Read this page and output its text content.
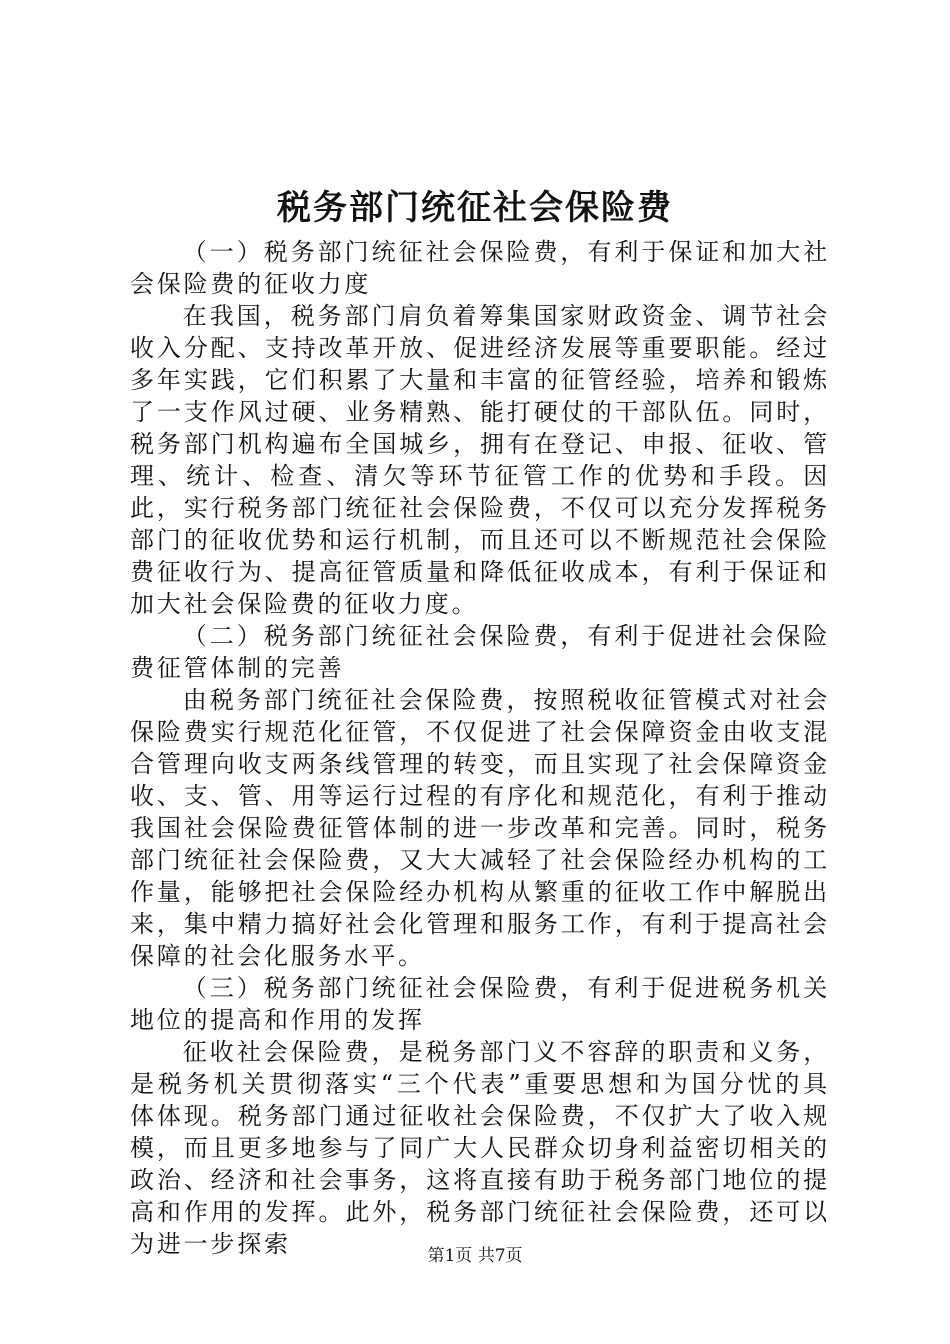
税务部门统征社会保险费

（一）税务部门统征社会保险费，有利于保证和加大社会保险费的征收力度

在我国，税务部门肩负着筹集国家财政资金、调节社会收入分配、支持改革开放、促进经济发展等重要职能。经过多年实践，它们积累了大量和丰富的征管经验，培养和锻炼了一支作风过硬、业务精熟、能打硬仗的干部队伍。同时，税务部门机构遍布全国城乡，拥有在登记、申报、征收、管理、统计、检查、清欠等环节征管工作的优势和手段。因此，实行税务部门统征社会保险费，不仅可以充分发挥税务部门的征收优势和运行机制，而且还可以不断规范社会保险费征收行为、提高征管质量和降低征收成本，有利于保证和加大社会保险费的征收力度。

（二）税务部门统征社会保险费，有利于促进社会保险费征管体制的完善

由税务部门统征社会保险费，按照税收征管模式对社会保险费实行规范化征管，不仅促进了社会保障资金由收支混合管理向收支两条线管理的转变，而且实现了社会保障资金收、支、管、用等运行过程的有序化和规范化，有利于推动我国社会保险费征管体制的进一步改革和完善。同时，税务部门统征社会保险费，又大大减轻了社会保险经办机构的工作量，能够把社会保险经办机构从繁重的征收工作中解脱出来，集中精力搞好社会化管理和服务工作，有利于提高社会保障的社会化服务水平。

（三）税务部门统征社会保险费，有利于促进税务机关地位的提高和作用的发挥

征收社会保险费，是税务部门义不容辞的职责和义务，是税务机关贯彻落实“三个代表”重要思想和为国分忧的具体体现。税务部门通过征收社会保险费，不仅扩大了收入规模，而且更多地参与了同广大人民群众切身利益密切相关的政治、经济和社会事务，这将直接有助于税务部门地位的提高和作用的发挥。此外，税务部门统征社会保险费，还可以为进一步探索	第1页 共7页
